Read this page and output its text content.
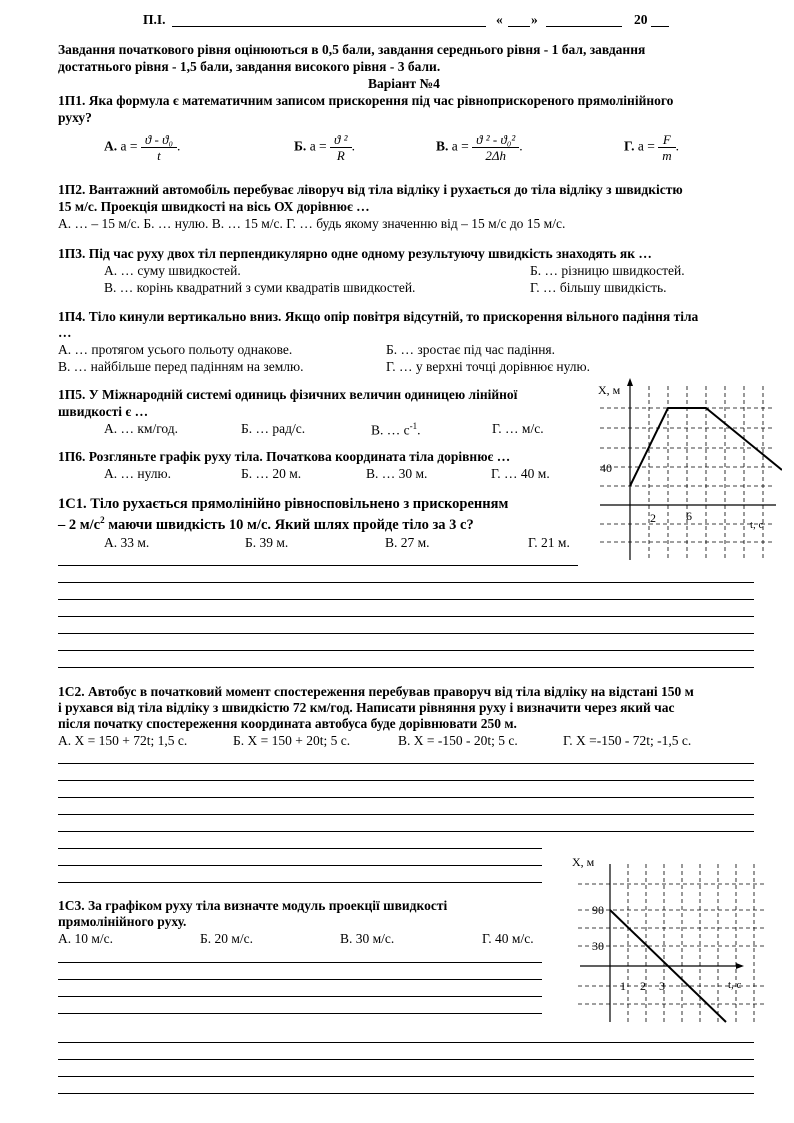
П.І.	« »	20
Завдання початкового рівня оцінюються в 0,5 бали, завдання середнього рівня - 1 бал, завдання
достатнього рівня - 1,5 бали, завдання високого рівня - 3 бали.
Варіант №4
1П1. Яка формула є математичним записом прискорення під час рівноприскореного прямолінійного
руху?
А. $а = \frac{\text{ϑ - ϑ₀}}{t}$ .	Б. $а = \frac{\text{ϑ ²}}{R}$ .	В. $а = \frac{\text{ϑ ² - ϑ₀²}}{2\Delta h}$ .	Г. $а = \frac{F}{m}$ .
1П2. Вантажний автомобіль перебуває ліворуч від тіла відліку і рухається до тіла відліку з швидкістю
15 м/с. Проекція швидкості на вісь ОХ дорівнює …
А. … – 15 м/с. Б. … нулю. В. … 15 м/с. Г. … будь якому значенню від – 15 м/с до 15 м/с.
1П3. Під час руху двох тіл перпендикулярно одне одному результуючу швидкість знаходять як …
А. … суму швидкостей.	Б. … різницю швидкостей.
В. … корінь квадратний з суми квадратів швидкостей.	Г. … більшу швидкість.
1П4. Тіло кинули вертикально вниз. Якщо опір повітря відсутній, то прискорення вільного падіння тіла
…
А. … протягом усього польоту однакове.	Б. … зростає під час падіння.
В. … найбільше перед падінням на землю.	Г. … у верхні точці дорівнює нулю.
1П5. У Міжнародній системі одиниць фізичних величин одиницею лінійної
швидкості є …
А. … км/год.	Б. … рад/с.	В. … $с^{-1}$.	Г. … м/с.
1П6. Розгляньте графік руху тіла. Початкова координата тіла дорівнює …
А. … нулю.	Б. … 20 м.	В. … 30 м.	Г. … 40 м.
1С1. Тіло рухається прямолінійно рівносповільнено з прискоренням
– 2 $м/с^2$ маючи швидкість 10 м/с. Який шлях пройде тіло за 3 с?
А. 33 м.	Б. 39 м.	В. 27 м.	Г. 21 м.
X, м
40
2	6
t, c
1С2. Автобус в початковий момент спостереження перебував праворуч від тіла відліку на відстані 150 м
і рухався від тіла відліку з швидкістю 72 км/год. Написати рівняння руху і визначити через який час
після початку спостереження координата автобуса буде дорівнювати 250 м.
А. Х = 150 + 72t; 1,5 с.	Б. Х = 150 + 20t; 5 с.	В. Х = -150 - 20t; 5 с.	Г. Х =-150 - 72t; -1,5 с.
1С3. За графіком руху тіла визначте модуль проекції швидкості
прямолінійного руху.
А. 10 м/с.	Б. 20 м/с.	В. 30 м/с.	Г. 40 м/с.
X, м
90
30
1 2 3	t, c
